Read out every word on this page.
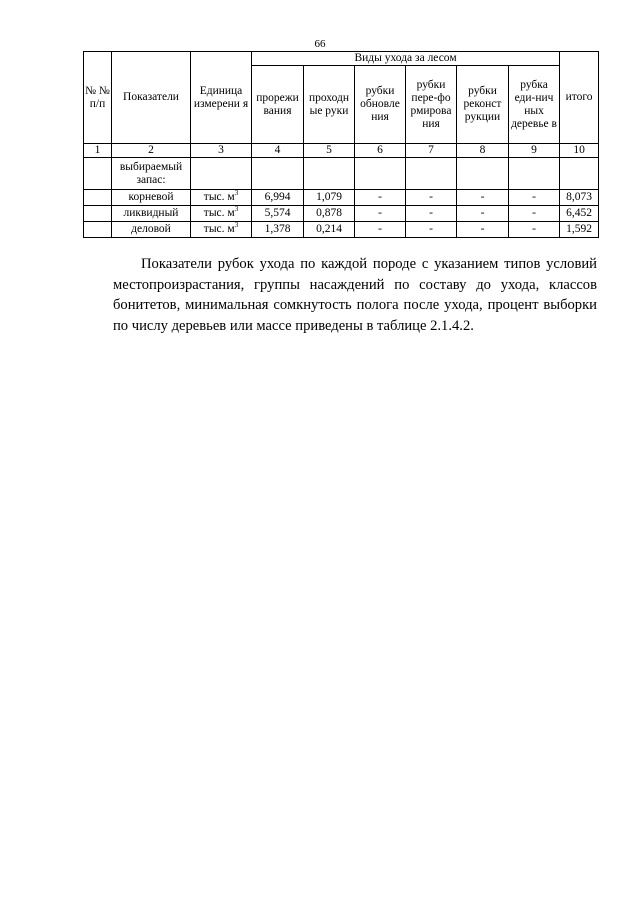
66
№ № п/п	Показатели	Единица измерени я	Виды ухода за лесом						итого
			прорежи вания	проходн ые руки	рубки обновле ния	рубки пере-фо рмирова ния	рубки реконст рукции	рубка еди-нич ных деревье в	
1	2	3	4	5	6	7	8	9	10
	выбираемый запас:								
	корневой	тыс. $м^3$	6,994	1,079	-	-	-	-	8,073
	ликвидный	тыс. $м^3$	5,574	0,878	-	-	-	-	6,452
	деловой	тыс. $м^3$	1,378	0,214	-	-	-	-	1,592
Показатели рубок ухода по каждой породе с указанием типов условий местопроизрастания, группы насаждений по составу до ухода, классов бонитетов, минимальная сомкнутость полога после ухода, процент выборки по числу деревьев или массе приведены в таблице 2.1.4.2.
